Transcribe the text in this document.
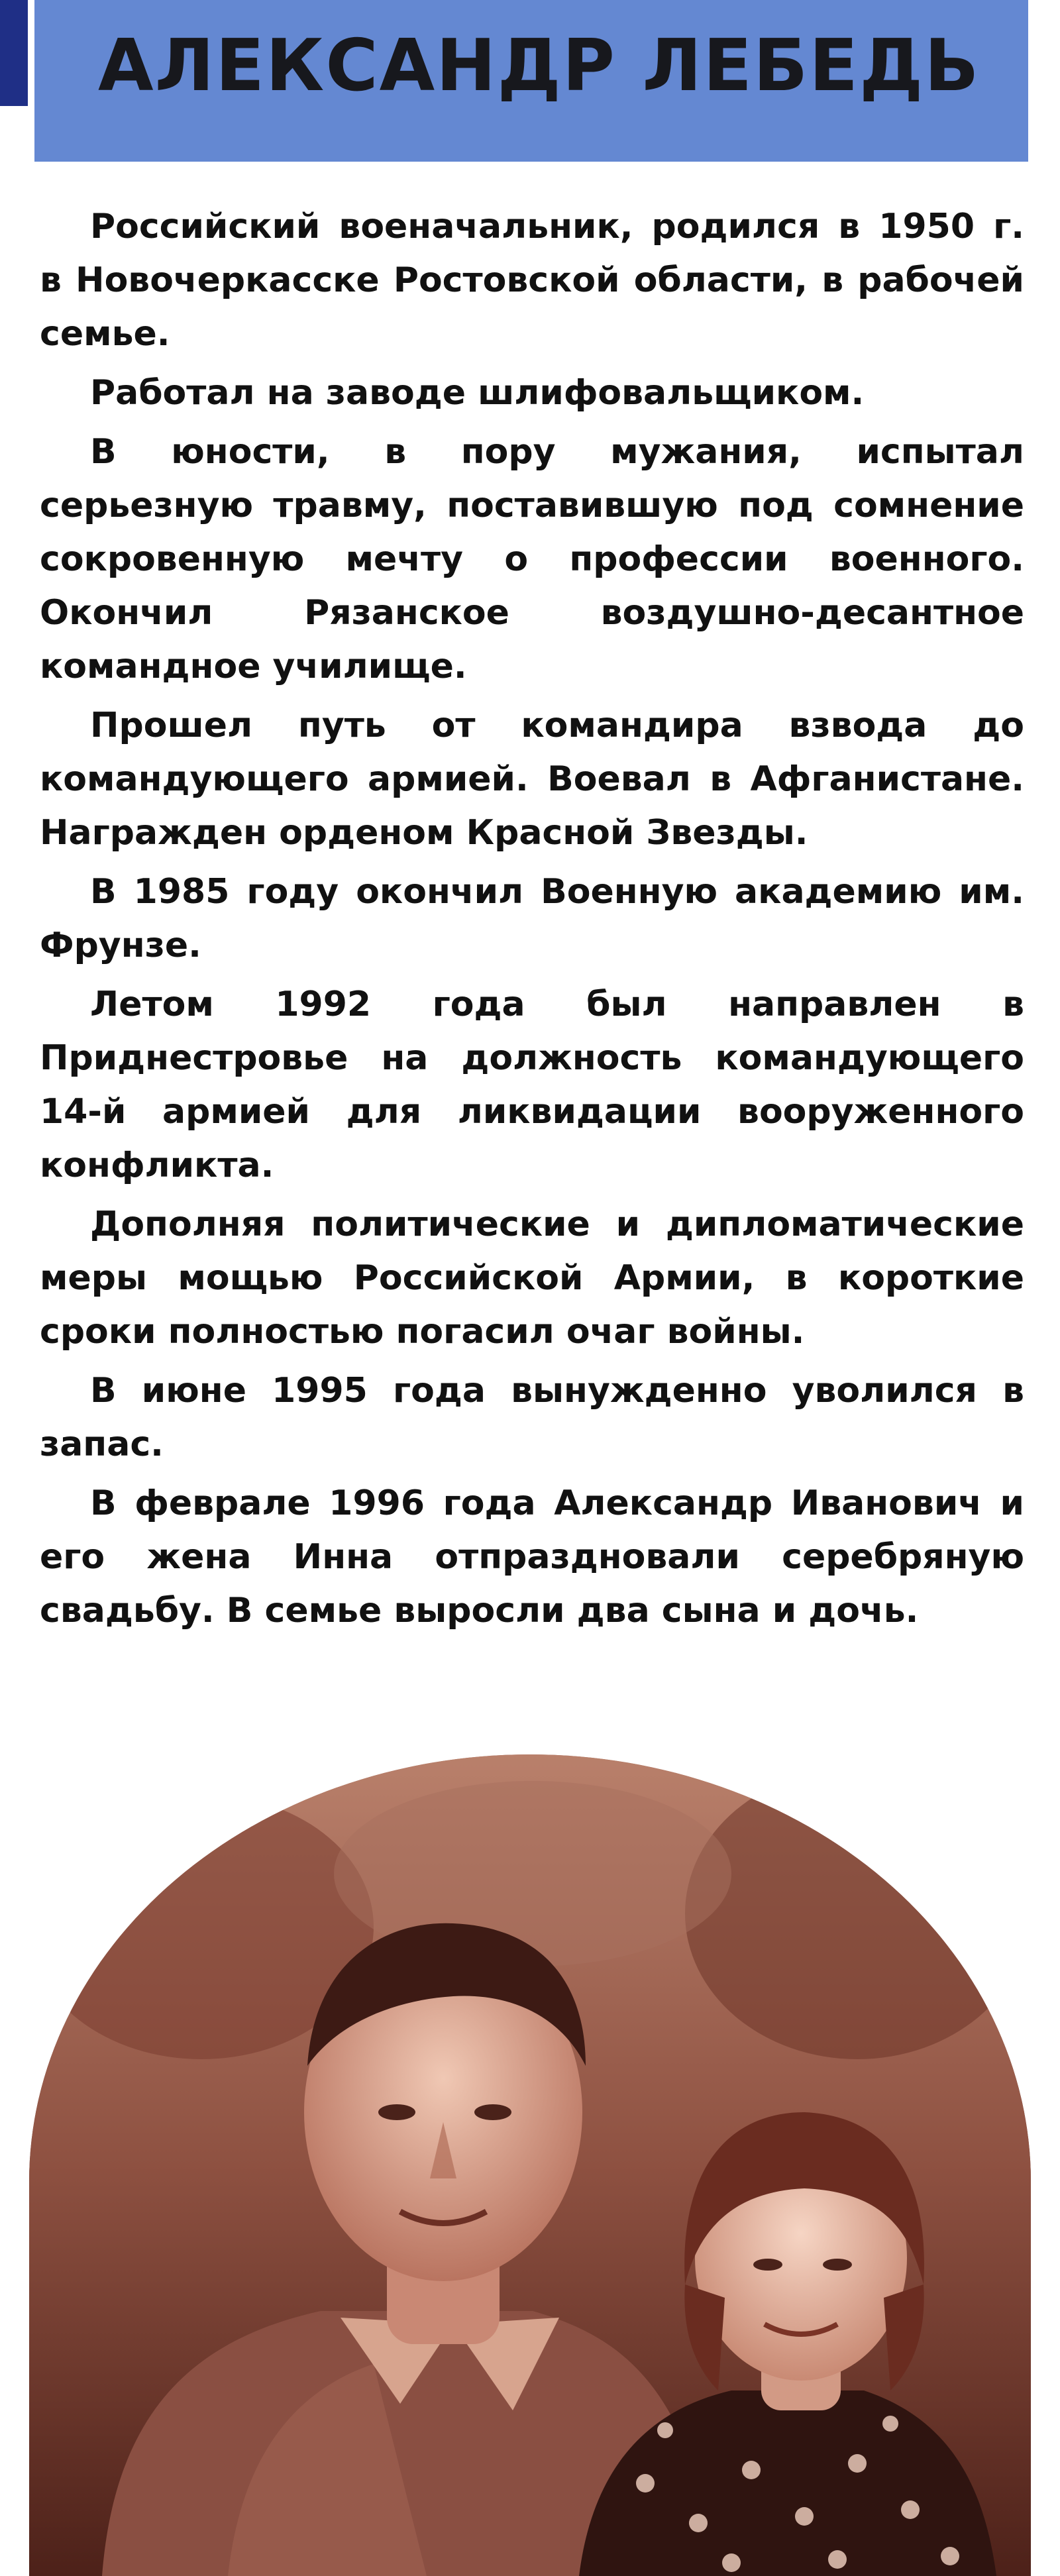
АЛЕКСАНДР ЛЕБЕДЬ

Российский военачальник, родился в 1950 г. в Новочеркасске Ростовской области, в рабочей семье.

Работал на заводе шлифовальщиком.

В юности, в пору мужания, испытал серьезную травму, поставившую под сомнение сокровенную мечту о профессии военного. Окончил Рязанское воздушно-десантное командное училище.

Прошел путь от командира взвода до командующего армией. Воевал в Афганистане. Награжден орденом Красной Звезды.

В 1985 году окончил Военную академию им. Фрунзе.

Летом 1992 года был направлен в Приднестровье на должность командующего 14-й армией для ликвидации вооруженного конфликта.

Дополняя политические и дипломатические меры мощью Российской Армии, в короткие сроки полностью погасил очаг войны.

В июне 1995 года вынужденно уволился в запас.

В феврале 1996 года Александр Иванович и его жена Инна отпраздновали серебряную свадьбу. В семье выросли два сына и дочь.
